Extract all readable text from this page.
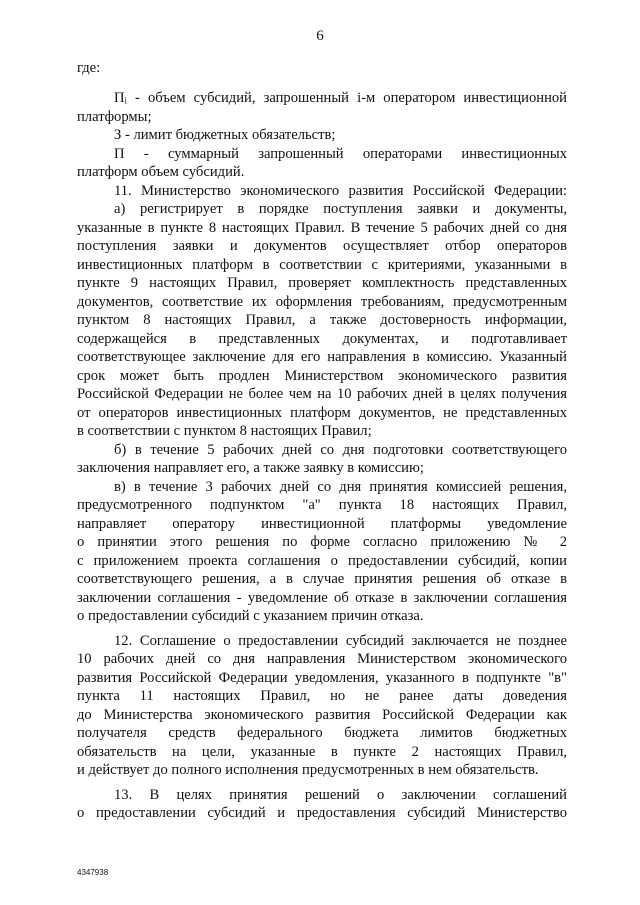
6
где:
Пᵢ - объем субсидий, запрошенный i-м оператором инвестиционной
платформы;
З - лимит бюджетных обязательств;
П - суммарный запрошенный операторами инвестиционных
платформ объем субсидий.
11. Министерство экономического развития Российской Федерации:
а) регистрирует в порядке поступления заявки и документы,
указанные в пункте 8 настоящих Правил. В течение 5 рабочих дней со дня
поступления заявки и документов осуществляет отбор операторов
инвестиционных платформ в соответствии с критериями, указанными в
пункте 9 настоящих Правил, проверяет комплектность представленных
документов, соответствие их оформления требованиям, предусмотренным
пунктом 8 настоящих Правил, а также достоверность информации,
содержащейся в представленных документах, и подготавливает
соответствующее заключение для его направления в комиссию. Указанный
срок может быть продлен Министерством экономического развития
Российской Федерации не более чем на 10 рабочих дней в целях получения
от операторов инвестиционных платформ документов, не представленных
в соответствии с пунктом 8 настоящих Правил;
б) в течение 5 рабочих дней со дня подготовки соответствующего
заключения направляет его, а также заявку в комиссию;
в) в течение 3 рабочих дней со дня принятия комиссией решения,
предусмотренного подпунктом "а" пункта 18 настоящих Правил,
направляет оператору инвестиционной платформы уведомление
о принятии этого решения по форме согласно приложению № 2
с приложением проекта соглашения о предоставлении субсидий, копии
соответствующего решения, а в случае принятия решения об отказе в
заключении соглашения - уведомление об отказе в заключении соглашения
о предоставлении субсидий с указанием причин отказа.
12. Соглашение о предоставлении субсидий заключается не позднее
10 рабочих дней со дня направления Министерством экономического
развития Российской Федерации уведомления, указанного в подпункте "в"
пункта 11 настоящих Правил, но не ранее даты доведения
до Министерства экономического развития Российской Федерации как
получателя средств федерального бюджета лимитов бюджетных
обязательств на цели, указанные в пункте 2 настоящих Правил,
и действует до полного исполнения предусмотренных в нем обязательств.
13. В целях принятия решений о заключении соглашений
о предоставлении субсидий и предоставления субсидий Министерство
4347938
